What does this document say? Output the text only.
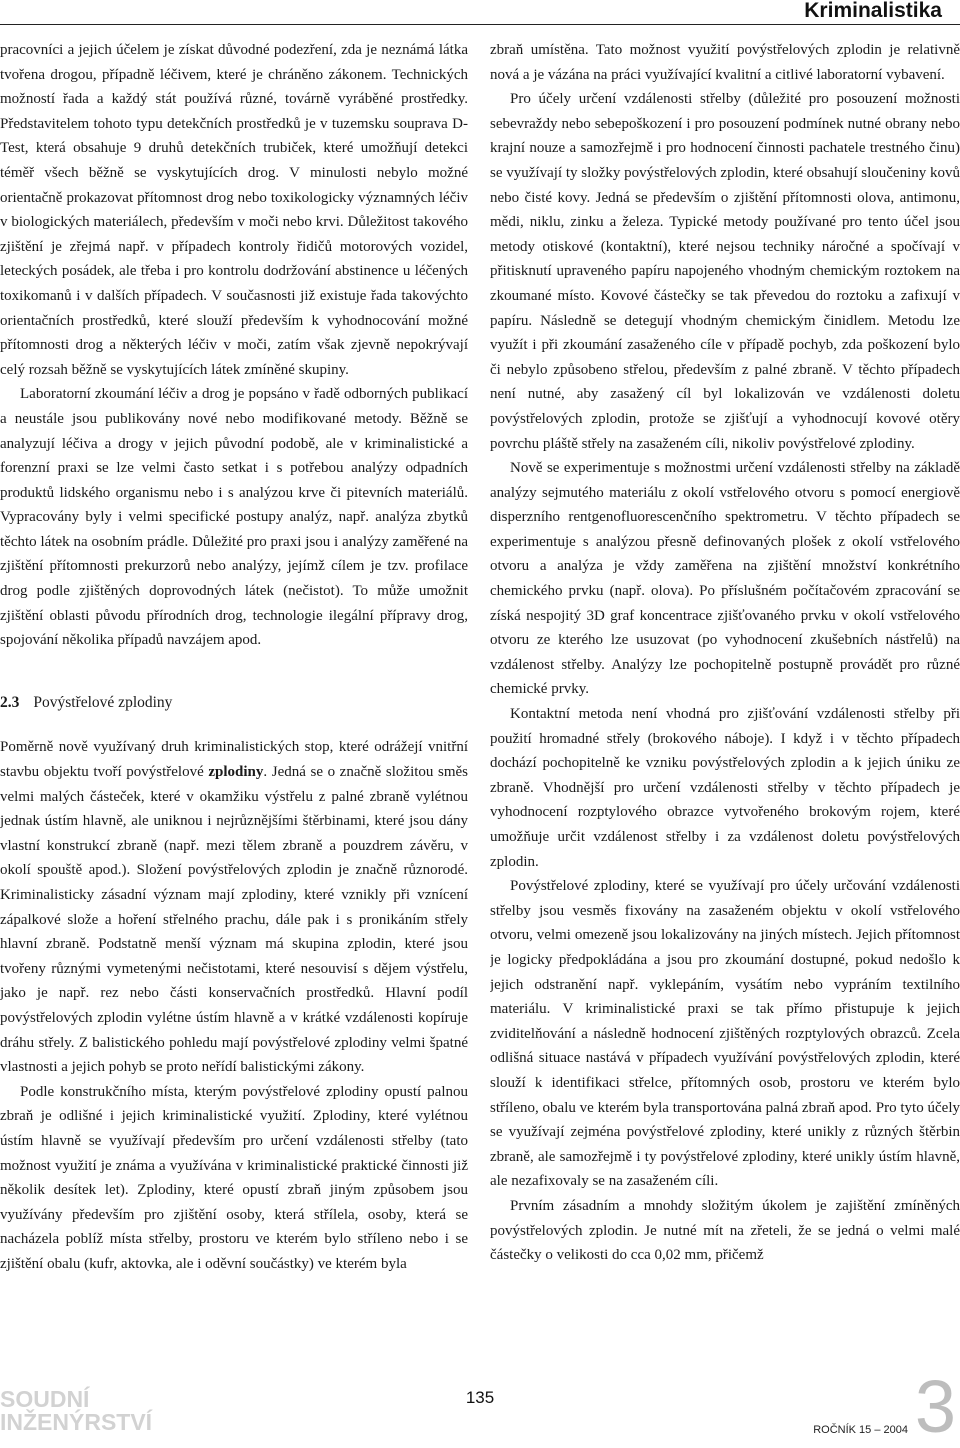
Kriminalistika

pracovníci a jejich účelem je získat důvodné podezření, zda je neznámá látka tvořena drogou, případně léčivem, které je chráněno zákonem. Technických možností řada a každý stát používá různé, továrně vyráběné prostředky. Představitelem tohoto typu detekčních prostředků je v tuzemsku souprava D-Test, která obsahuje 9 druhů detekčních trubiček, které umožňují detekci téměř všech běžně se vyskytujících drog. V minulosti nebylo možné orientačně prokazovat přítomnost drog nebo toxikologicky významných léčiv v biologických materiálech, především v moči nebo krvi. Důležitost takového zjištění je zřejmá např. v případech kontroly řidičů motorových vozidel, leteckých posádek, ale třeba i pro kontrolu dodržování abstinence u léčených toxikomanů i v dalších případech. V současnosti již existuje řada takovýchto orientačních prostředků, které slouží především k vyhodnocování možné přítomnosti drog a některých léčiv v moči, zatím však zjevně nepokrývají celý rozsah běžně se vyskytujících látek zmíněné skupiny.

Laboratorní zkoumání léčiv a drog je popsáno v řadě odborných publikací a neustále jsou publikovány nové nebo modifikované metody. Běžně se analyzují léčiva a drogy v jejich původní podobě, ale v kriminalistické a forenzní praxi se lze velmi často setkat i s potřebou analýzy odpadních produktů lidského organismu nebo i s analýzou krve či pitevních materiálů. Vypracovány byly i velmi specifické postupy analýz, např. analýza zbytků těchto látek na osobním prádle. Důležité pro praxi jsou i analýzy zaměřené na zjištění přítomnosti prekurzorů nebo analýzy, jejímž cílem je tzv. profilace drog podle zjištěných doprovodných látek (nečistot). To může umožnit zjištění oblasti původu přírodních drog, technologie ilegální přípravy drog, spojování několika případů navzájem apod.

2.3 Povýstřelové zplodiny

Poměrně nově využívaný druh kriminalistických stop, které odrážejí vnitřní stavbu objektu tvoří povýstřelové zplodiny. Jedná se o značně složitou směs velmi malých částeček, které v okamžiku výstřelu z palné zbraně vylétnou jednak ústím hlavně, ale uniknou i nejrůznějšími štěrbinami, které jsou dány vlastní konstrukcí zbraně (např. mezi tělem zbraně a pouzdrem závěru, v okolí spouště apod.). Složení povýstřelových zplodin je značně různorodé. Kriminalisticky zásadní význam mají zplodiny, které vznikly při vznícení zápalkové slože a hoření střelného prachu, dále pak i s pronikáním střely hlavní zbraně. Podstatně menší význam má skupina zplodin, které jsou tvořeny různými vymetenými nečistotami, které nesouvisí s dějem výstřelu, jako je např. rez nebo části konservačních prostředků. Hlavní podíl povýstřelových zplodin vylétne ústím hlavně a v krátké vzdálenosti kopíruje dráhu střely. Z balistického pohledu mají povýstřelové zplodiny velmi špatné vlastnosti a jejich pohyb se proto neřídí balistickými zákony.

Podle konstrukčního místa, kterým povýstřelové zplodiny opustí palnou zbraň je odlišné i jejich kriminalistické využití. Zplodiny, které vylétnou ústím hlavně se využívají především pro určení vzdálenosti střelby (tato možnost využití je známa a využívána v kriminalistické praktické činnosti již několik desítek let). Zplodiny, které opustí zbraň jiným způsobem jsou využívány především pro zjištění osoby, která střílela, osoby, která se nacházela poblíž místa střelby, prostoru ve kterém bylo stříleno nebo i se zjištění obalu (kufr, aktovka, ale i oděvní součástky) ve kterém byla

zbraň umístěna. Tato možnost využití povýstřelových zplodin je relativně nová a je vázána na práci využívající kvalitní a citlivé laboratorní vybavení.

Pro účely určení vzdálenosti střelby (důležité pro posouzení možnosti sebevraždy nebo sebepoškození i pro posouzení podmínek nutné obrany nebo krajní nouze a samozřejmě i pro hodnocení činnosti pachatele trestného činu) se využívají ty složky povýstřelových zplodin, které obsahují sloučeniny kovů nebo čisté kovy. Jedná se především o zjištění přítomnosti olova, antimonu, mědi, niklu, zinku a železa. Typické metody používané pro tento účel jsou metody otiskové (kontaktní), které nejsou techniky náročné a spočívají v přitisknutí upraveného papíru napojeného vhodným chemickým roztokem na zkoumané místo. Kovové částečky se tak převedou do roztoku a zafixují v papíru. Následně se detegují vhodným chemickým činidlem. Metodu lze využít i při zkoumání zasaženého cíle v případě pochyb, zda poškození bylo či nebylo způsobeno střelou, především z palné zbraně. V těchto případech není nutné, aby zasažený cíl byl lokalizován ve vzdálenosti doletu povýstřelových zplodin, protože se zjišťují a vyhodnocují kovové otěry povrchu pláště střely na zasaženém cíli, nikoliv povýstřelové zplodiny.

Nově se experimentuje s možnostmi určení vzdálenosti střelby na základě analýzy sejmutého materiálu z okolí vstřelového otvoru s pomocí energiově disperzního rentgenofluorescenčního spektrometru. V těchto případech se experimentuje s analýzou přesně definovaných plošek z okolí vstřelového otvoru a analýza je vždy zaměřena na zjištění množství konkrétního chemického prvku (např. olova). Po příslušném počítačovém zpracování se získá nespojitý 3D graf koncentrace zjišťovaného prvku v okolí vstřelového otvoru ze kterého lze usuzovat (po vyhodnocení zkušebních nástřelů) na vzdálenost střelby. Analýzy lze pochopitelně postupně provádět pro různé chemické prvky.

Kontaktní metoda není vhodná pro zjišťování vzdálenosti střelby při použití hromadné střely (brokového náboje). I když i v těchto případech dochází pochopitelně ke vzniku povýstřelových zplodin a k jejich úniku ze zbraně. Vhodnější pro určení vzdálenosti střelby v těchto případech je vyhodnocení rozptylového obrazce vytvořeného brokovým rojem, které umožňuje určit vzdálenost střelby i za vzdálenost doletu povýstřelových zplodin.

Povýstřelové zplodiny, které se využívají pro účely určování vzdálenosti střelby jsou vesměs fixovány na zasaženém objektu v okolí vstřelového otvoru, velmi omezeně jsou lokalizovány na jiných místech. Jejich přítomnost je logicky předpokládána a jsou pro zkoumání dostupné, pokud nedošlo k jejich odstranění např. vyklepáním, vysátím nebo vypráním textilního materiálu. V kriminalistické praxi se tak přímo přistupuje k jejich zviditelňování a následně hodnocení zjištěných rozptylových obrazců. Zcela odlišná situace nastává v případech využívání povýstřelových zplodin, které slouží k identifikaci střelce, přítomných osob, prostoru ve kterém bylo stříleno, obalu ve kterém byla transportována palná zbraň apod. Pro tyto účely se využívají zejména povýstřelové zplodiny, které unikly z různých štěrbin zbraně, ale samozřejmě i ty povýstřelové zplodiny, které unikly ústím hlavně, ale nezafixovaly se na zasaženém cíli.

Prvním zásadním a mnohdy složitým úkolem je zajištění zmíněných povýstřelových zplodin. Je nutné mít na zřeteli, že se jedná o velmi malé částečky o velikosti do cca 0,02 mm, přičemž

SOUDNÍ
INŽENÝRSTVÍ
135
ROČNÍK 15 – 2004 3
